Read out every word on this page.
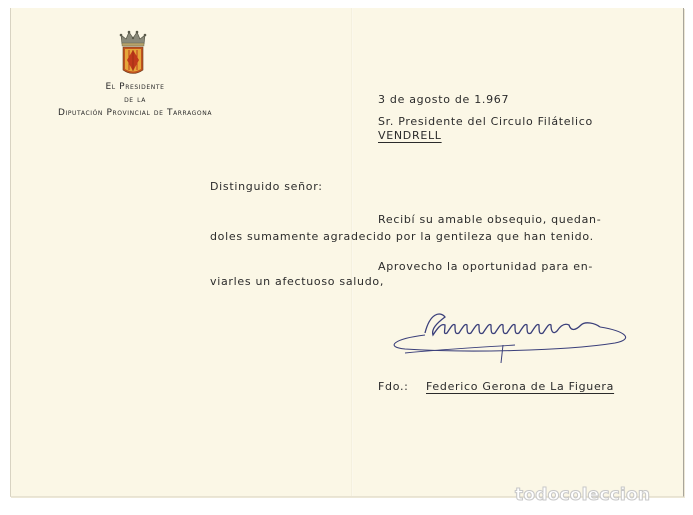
El Presidente
de la
Diputación Provincial de Tarragona
3 de agosto de 1.967
Sr. Presidente del Circulo Filátelico
VENDRELL
Distinguido señor:
Recibí su amable obsequio, quedan-
doles sumamente agradecido por la gentileza que han tenido.
Aprovecho la oportunidad para en-
viarles un afectuoso saludo,
Fdo.: Federico Gerona de La Figuera
todocoleccion
